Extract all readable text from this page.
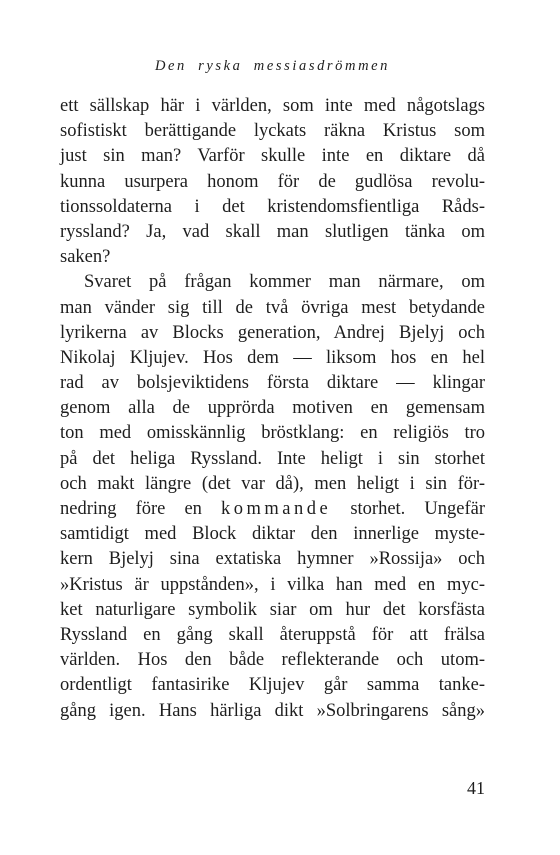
Den ryska messiasdrömmen
ett sällskap här i världen, som inte med någotslags
sofistiskt berättigande lyckats räkna Kristus som
just sin man? Varför skulle inte en diktare då
kunna usurpera honom för de gudlösa revolu-
tionssoldaterna i det kristendomsfientliga Råds-
ryssland? Ja, vad skall man slutligen tänka om
saken?
Svaret på frågan kommer man närmare, om
man vänder sig till de två övriga mest betydande
lyrikerna av Blocks generation, Andrej Bjelyj och
Nikolaj Kljujev. Hos dem — liksom hos en hel
rad av bolsjeviktidens första diktare — klingar
genom alla de upprörda motiven en gemensam
ton med omisskännlig bröstklang: en religiös tro
på det heliga Ryssland. Inte heligt i sin storhet
och makt längre (det var då), men heligt i sin för-
nedring före en kommande storhet. Ungefär
samtidigt med Block diktar den innerlige myste-
kern Bjelyj sina extatiska hymner »Rossija» och
»Kristus är uppstånden», i vilka han med en myc-
ket naturligare symbolik siar om hur det korsfästa
Ryssland en gång skall återuppstå för att frälsa
världen. Hos den både reflekterande och utom-
ordentligt fantasirike Kljujev går samma tanke-
gång igen. Hans härliga dikt »Solbringarens sång»
41
